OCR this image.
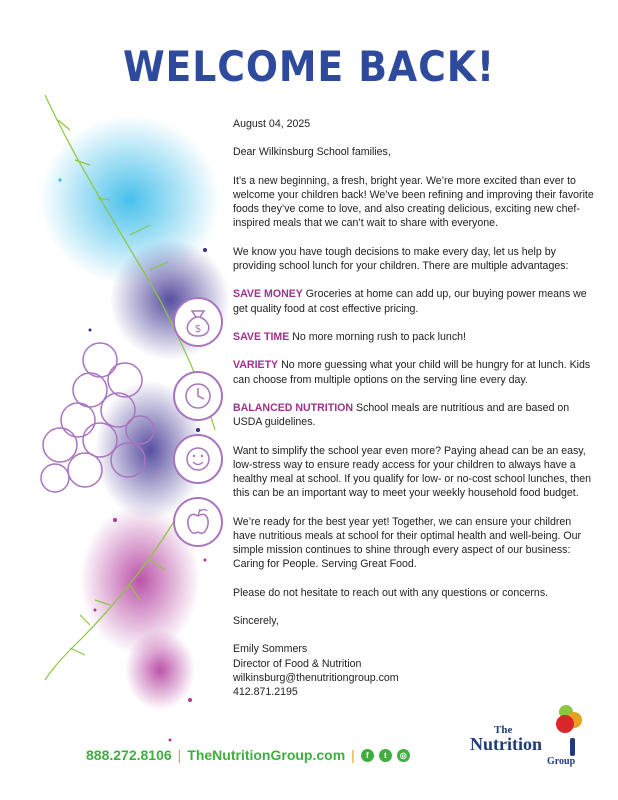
$
WELCOME BACK!

August 04, 2025

Dear Wilkinsburg School families,

It’s a new beginning, a fresh, bright year. We’re more excited than ever to welcome your children back! We’ve been refining and improving their favorite foods they’ve come to love, and also creating delicious, exciting new chef-inspired meals that we can’t wait to share with everyone.

We know you have tough decisions to make every day, let us help by providing school lunch for your children. There are multiple advantages:

SAVE MONEY Groceries at home can add up, our buying power means we get quality food at cost effective pricing.

SAVE TIME No more morning rush to pack lunch!

VARIETY No more guessing what your child will be hungry for at lunch. Kids can choose from multiple options on the serving line every day.

BALANCED NUTRITION School meals are nutritious and are based on USDA guidelines.

Want to simplify the school year even more? Paying ahead can be an easy, low-stress way to ensure ready access for your children to always have a healthy meal at school. If you qualify for low- or no-cost school lunches, then this can be an important way to meet your weekly household food budget.

We’re ready for the best year yet! Together, we can ensure your children have nutritious meals at school for their optimal health and well-being. Our simple mission continues to shine through every aspect of our business: Caring for People. Serving Great Food.

Please do not hesitate to reach out with any questions or concerns.

Sincerely,

Emily Sommers

Director of Food & Nutrition

wilkinsburg@thenutritiongroup.com

412.871.2195

888.272.8106 | TheNutritionGroup.com |	f	t	◎
The
Nutrition
Group
